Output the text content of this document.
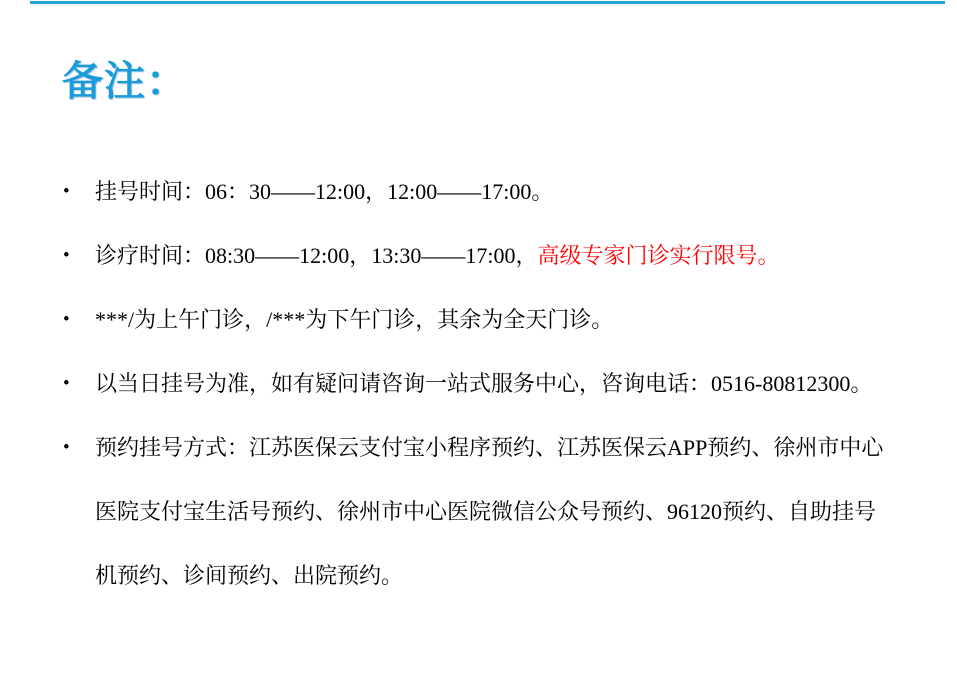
备注：
•	挂号时间：06：30——12:00，12:00——17:00。
•	诊疗时间：08:30——12:00，13:30——17:00，高级专家门诊实行限号。
•	***/为上午门诊，/***为下午门诊，其余为全天门诊。
•	以当日挂号为准，如有疑问请咨询一站式服务中心，咨询电话：0516-80812300。
•	预约挂号方式：江苏医保云支付宝小程序预约、江苏医保云APP预约、徐州市中心医院支付宝生活号预约、徐州市中心医院微信公众号预约、96120预约、自助挂号机预约、诊间预约、出院预约。
